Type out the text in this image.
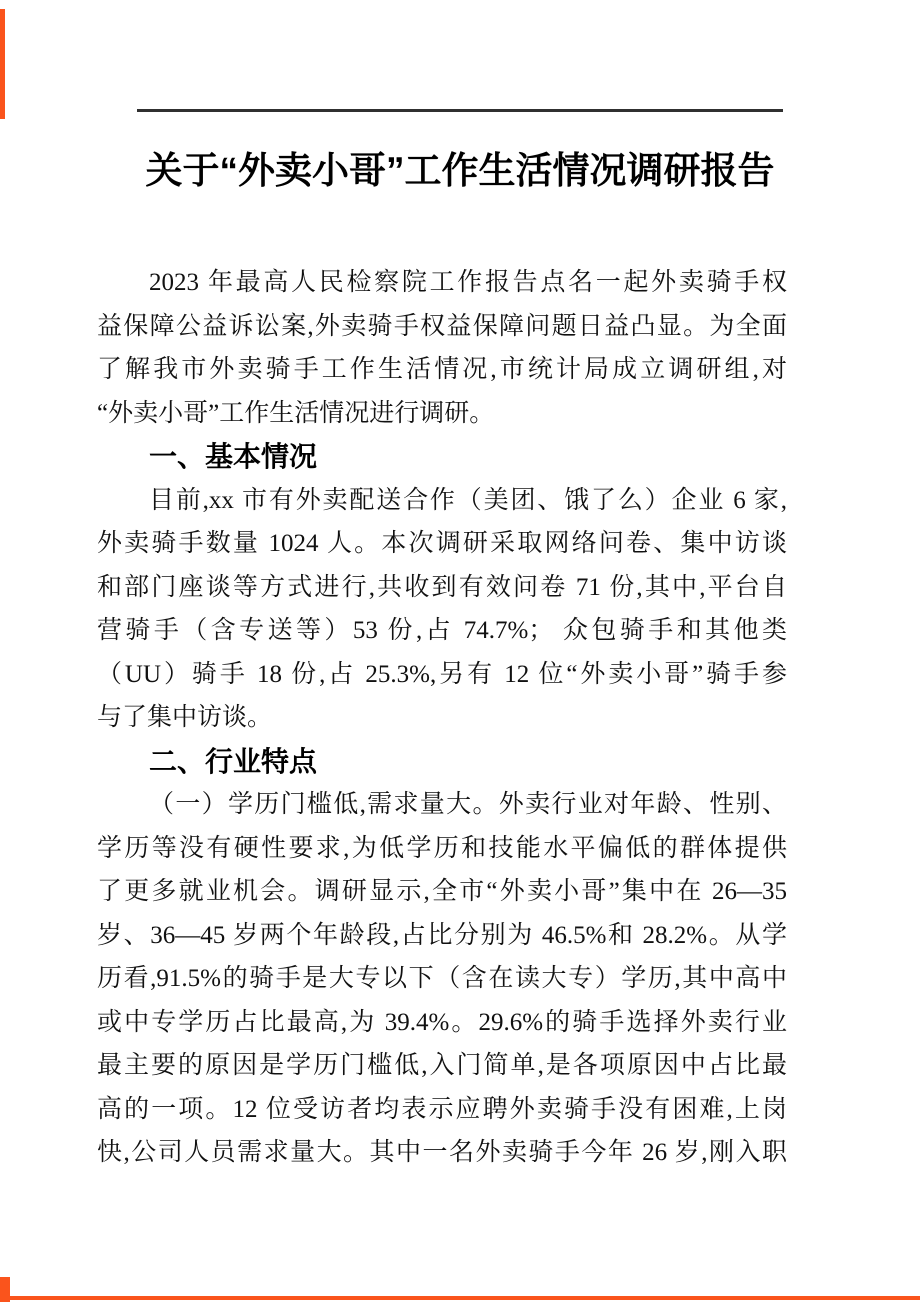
关于“外卖小哥”工作生活情况调研报告
2023 年最高人民检察院工作报告点名一起外卖骑手权
益保障公益诉讼案,外卖骑手权益保障问题日益凸显。为全面
了解我市外卖骑手工作生活情况,市统计局成立调研组,对
“外卖小哥”工作生活情况进行调研。
一、基本情况
目前,xx 市有外卖配送合作（美团、饿了么）企业 6 家,
外卖骑手数量 1024 人。本次调研采取网络问卷、集中访谈
和部门座谈等方式进行,共收到有效问卷 71 份,其中,平台自
营骑手（含专送等）53 份,占 74.7%； 众包骑手和其他类
（UU）骑手 18 份,占 25.3%,另有 12 位“外卖小哥”骑手参
与了集中访谈。
二、行业特点
（一）学历门槛低,需求量大。外卖行业对年龄、性别、
学历等没有硬性要求,为低学历和技能水平偏低的群体提供
了更多就业机会。调研显示,全市“外卖小哥”集中在 26—35
岁、36—45 岁两个年龄段,占比分别为 46.5%和 28.2%。从学
历看,91.5%的骑手是大专以下（含在读大专）学历,其中高中
或中专学历占比最高,为 39.4%。29.6%的骑手选择外卖行业
最主要的原因是学历门槛低,入门简单,是各项原因中占比最
高的一项。12 位受访者均表示应聘外卖骑手没有困难,上岗
快,公司人员需求量大。其中一名外卖骑手今年 26 岁,刚入职
